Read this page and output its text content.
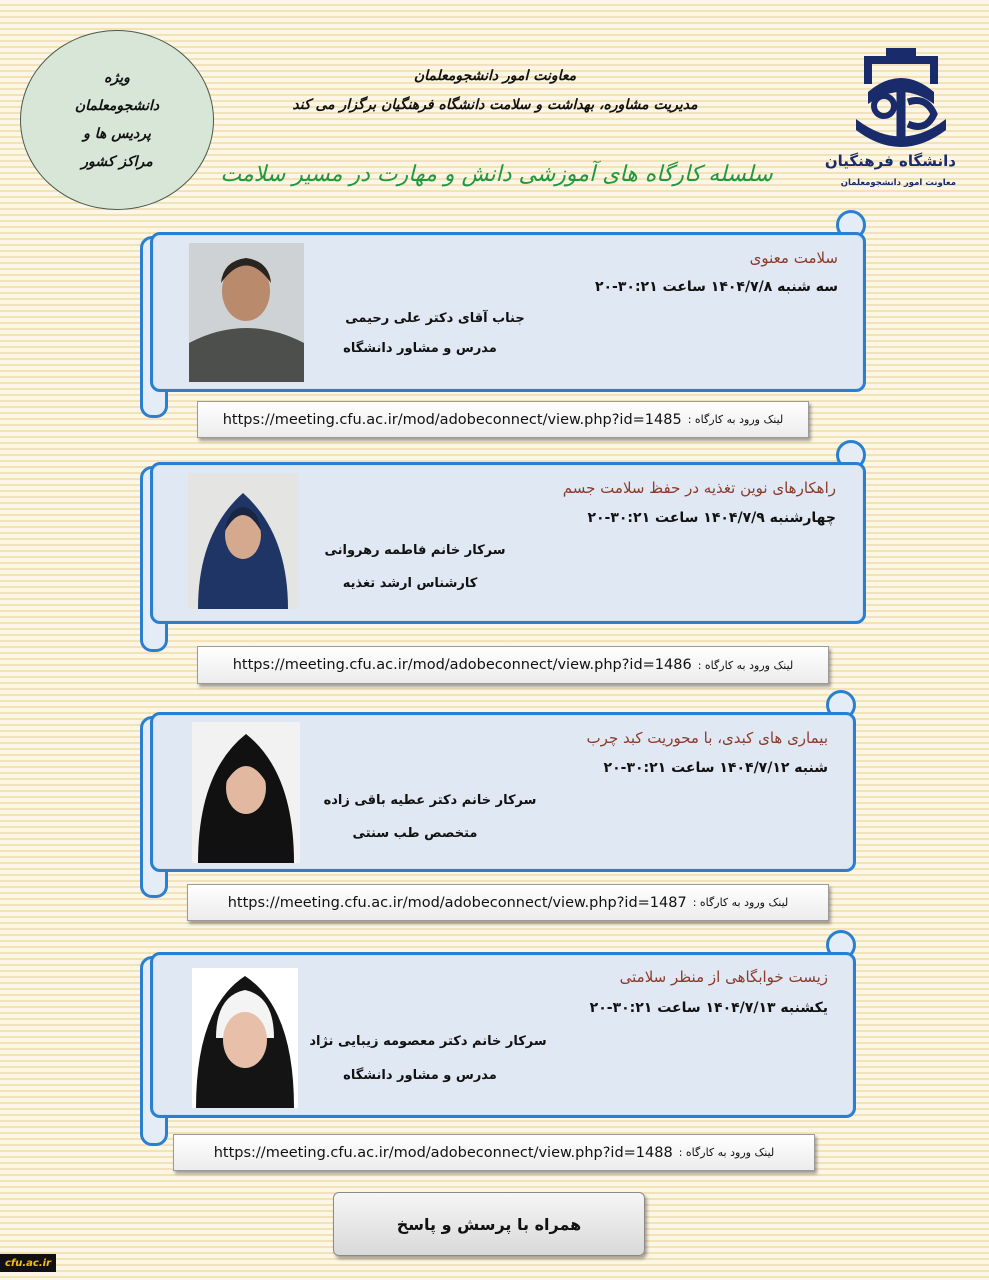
ویژه
دانشجومعلمان
پردیس ها و
مراکز کشور
معاونت امور دانشجومعلمان
مدیریت مشاوره، بهداشت و سلامت دانشگاه فرهنگیان برگزار می کند
سلسله کارگاه های آموزشی دانش و مهارت در مسیر سلامت
دانشگاه فرهنگیان
معاونت امور دانشجومعلمان
سلامت معنوی
سه شنبه ۱۴۰۴/۷/۸ ساعت ۳۰:۲۱-۲۰
جناب آقای دکتر علی رحیمی
مدرس و مشاور دانشگاه
لینک ورود به کارگاه :
https://meeting.cfu.ac.ir/mod/adobeconnect/view.php?id=1485
راهکارهای نوین تغذیه در حفظ سلامت جسم
چهارشنبه ۱۴۰۴/۷/۹ ساعت ۳۰:۲۱-۲۰
سرکار خانم فاطمه رهروانی
کارشناس ارشد تغذیه
لینک ورود به کارگاه :
https://meeting.cfu.ac.ir/mod/adobeconnect/view.php?id=1486
بیماری های کبدی، با محوریت کبد چرب
شنبه ۱۴۰۴/۷/۱۲ ساعت ۳۰:۲۱-۲۰
سرکار خانم دکتر عطیه باقی زاده
متخصص طب سنتی
لینک ورود به کارگاه :
https://meeting.cfu.ac.ir/mod/adobeconnect/view.php?id=1487
زیست خوابگاهی از منظر سلامتی
یکشنبه ۱۴۰۴/۷/۱۳ ساعت ۳۰:۲۱-۲۰
سرکار خانم دکتر معصومه زیبایی نژاد
مدرس و مشاور دانشگاه
لینک ورود به کارگاه :
https://meeting.cfu.ac.ir/mod/adobeconnect/view.php?id=1488
همراه با پرسش و پاسخ
cfu.ac.ir
